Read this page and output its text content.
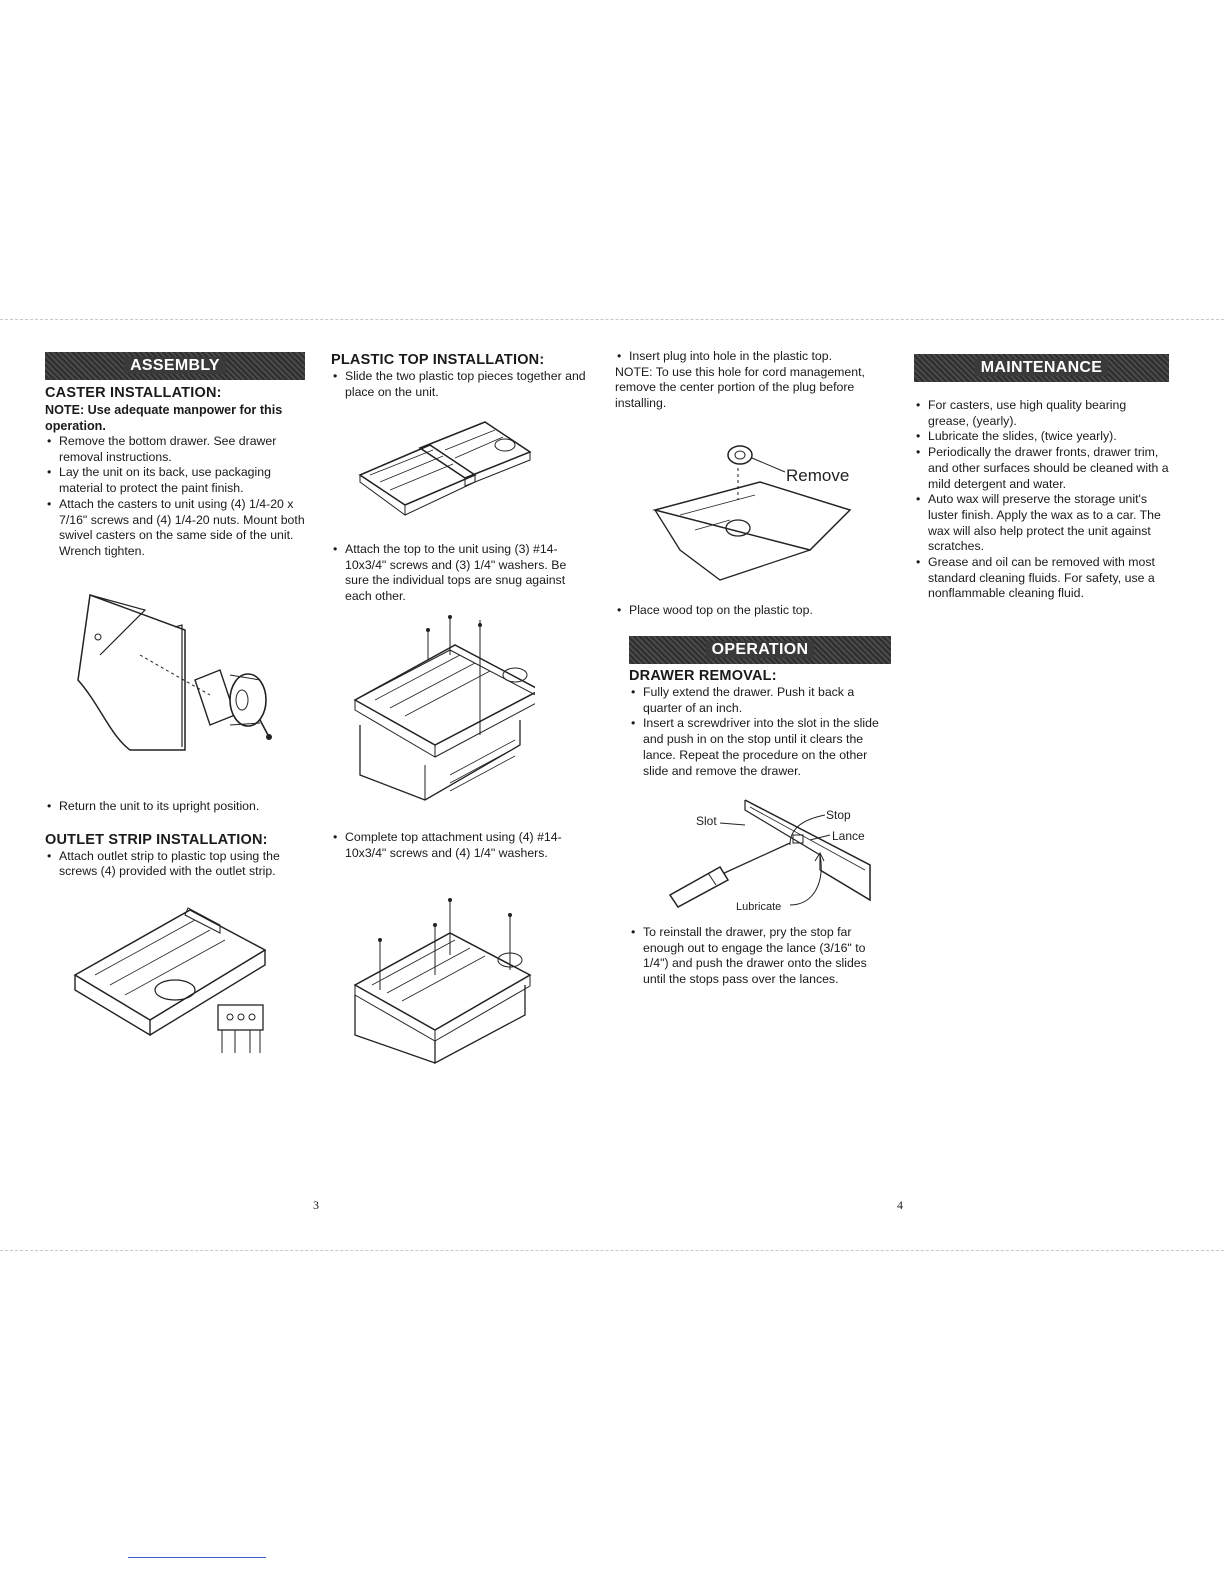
ASSEMBLY
CASTER INSTALLATION:

NOTE: Use adequate manpower for this operation.

• Remove the bottom drawer. See drawer removal instructions.
• Lay the unit on its back, use packaging material to protect the paint finish.
• Attach the casters to unit using (4) 1/4-20 x 7/16" screws and (4) 1/4-20 nuts. Mount both swivel casters on the same side of the unit. Wrench tighten.
• Return the unit to its upright position.
OUTLET STRIP INSTALLATION:
• Attach outlet strip to plastic top using the screws (4) provided with the outlet strip.
PLASTIC TOP INSTALLATION:
• Slide the two plastic top pieces together and place on the unit.
• Attach the top to the unit using (3) #14-10x3/4" screws and (3) 1/4" washers. Be sure the individual tops are snug against each other.
• Complete top attachment using (4) #14-10x3/4" screws and (4) 1/4" washers.
• Insert plug into hole in the plastic top.

NOTE: To use this hole for cord management, remove the center portion of the plug before installing.

Remove
• Place wood top on the plastic top.
OPERATION
DRAWER REMOVAL:
• Fully extend the drawer. Push it back a quarter of an inch.
• Insert a screwdriver into the slot in the slide and push in on the stop until it clears the lance. Repeat the procedure on the other slide and remove the drawer.
Slot	Stop
Lance
Lubricate
• To reinstall the drawer, pry the stop far enough out to engage the lance (3/16" to 1/4") and push the drawer onto the slides until the stops pass over the lances.
MAINTENANCE
• For casters, use high quality bearing grease, (yearly).
• Lubricate the slides, (twice yearly).
• Periodically the drawer fronts, drawer trim, and other surfaces should be cleaned with a mild detergent and water.
• Auto wax will preserve the storage unit's luster finish. Apply the wax as to a car. The wax will also help protect the unit against scratches.
• Grease and oil can be removed with most standard cleaning fluids. For safety, use a nonflammable cleaning fluid.
3	4
